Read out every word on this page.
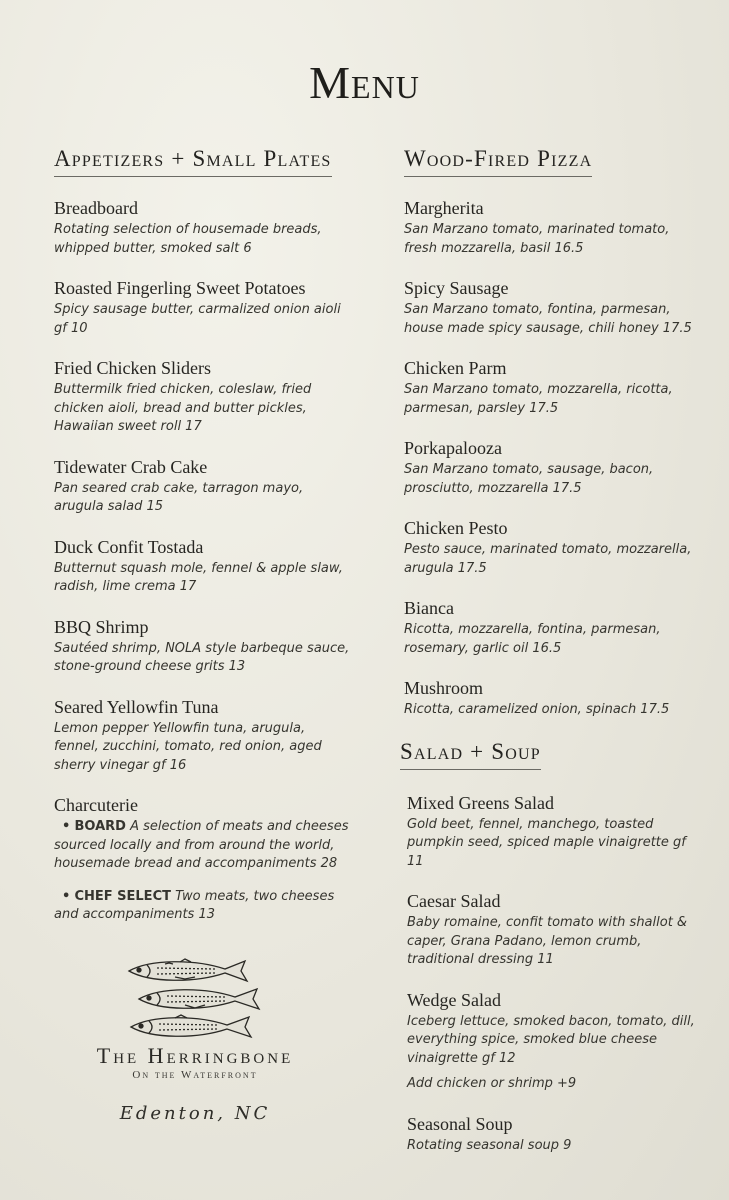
Menu
Appetizers + Small Plates
Breadboard
Rotating selection of housemade breads, whipped butter, smoked salt 6
Roasted Fingerling Sweet Potatoes
Spicy sausage butter, carmalized onion aioli gf 10
Fried Chicken Sliders
Buttermilk fried chicken, coleslaw, fried chicken aioli, bread and butter pickles, Hawaiian sweet roll 17
Tidewater Crab Cake
Pan seared crab cake, tarragon mayo, arugula salad 15
Duck Confit Tostada
Butternut squash mole, fennel & apple slaw, radish, lime crema 17
BBQ Shrimp
Sautéed shrimp, NOLA style barbeque sauce, stone-ground cheese grits 13
Seared Yellowfin Tuna
Lemon pepper Yellowfin tuna, arugula, fennel, zucchini, tomato, red onion, aged sherry vinegar gf 16
Charcuterie
• BOARD A selection of meats and cheeses sourced locally and from around the world, housemade bread and accompaniments 28
• CHEF SELECT Two meats, two cheeses and accompaniments 13
Wood-Fired Pizza
Margherita
San Marzano tomato, marinated tomato, fresh mozzarella, basil 16.5
Spicy Sausage
San Marzano tomato, fontina, parmesan, house made spicy sausage, chili honey 17.5
Chicken Parm
San Marzano tomato, mozzarella, ricotta, parmesan, parsley 17.5
Porkapalooza
San Marzano tomato, sausage, bacon, prosciutto, mozzarella 17.5
Chicken Pesto
Pesto sauce, marinated tomato, mozzarella, arugula 17.5
Bianca
Ricotta, mozzarella, fontina, parmesan, rosemary, garlic oil 16.5
Mushroom
Ricotta, caramelized onion, spinach 17.5
Salad + Soup
Mixed Greens Salad
Gold beet, fennel, manchego, toasted pumpkin seed, spiced maple vinaigrette gf 11
Caesar Salad
Baby romaine, confit tomato with shallot & caper, Grana Padano, lemon crumb, traditional dressing 11
Wedge Salad
Iceberg lettuce, smoked bacon, tomato, dill, everything spice, smoked blue cheese vinaigrette gf 12
Add chicken or shrimp +9
Seasonal Soup
Rotating seasonal soup 9
The Herringbone
On the Waterfront
Edenton, NC
